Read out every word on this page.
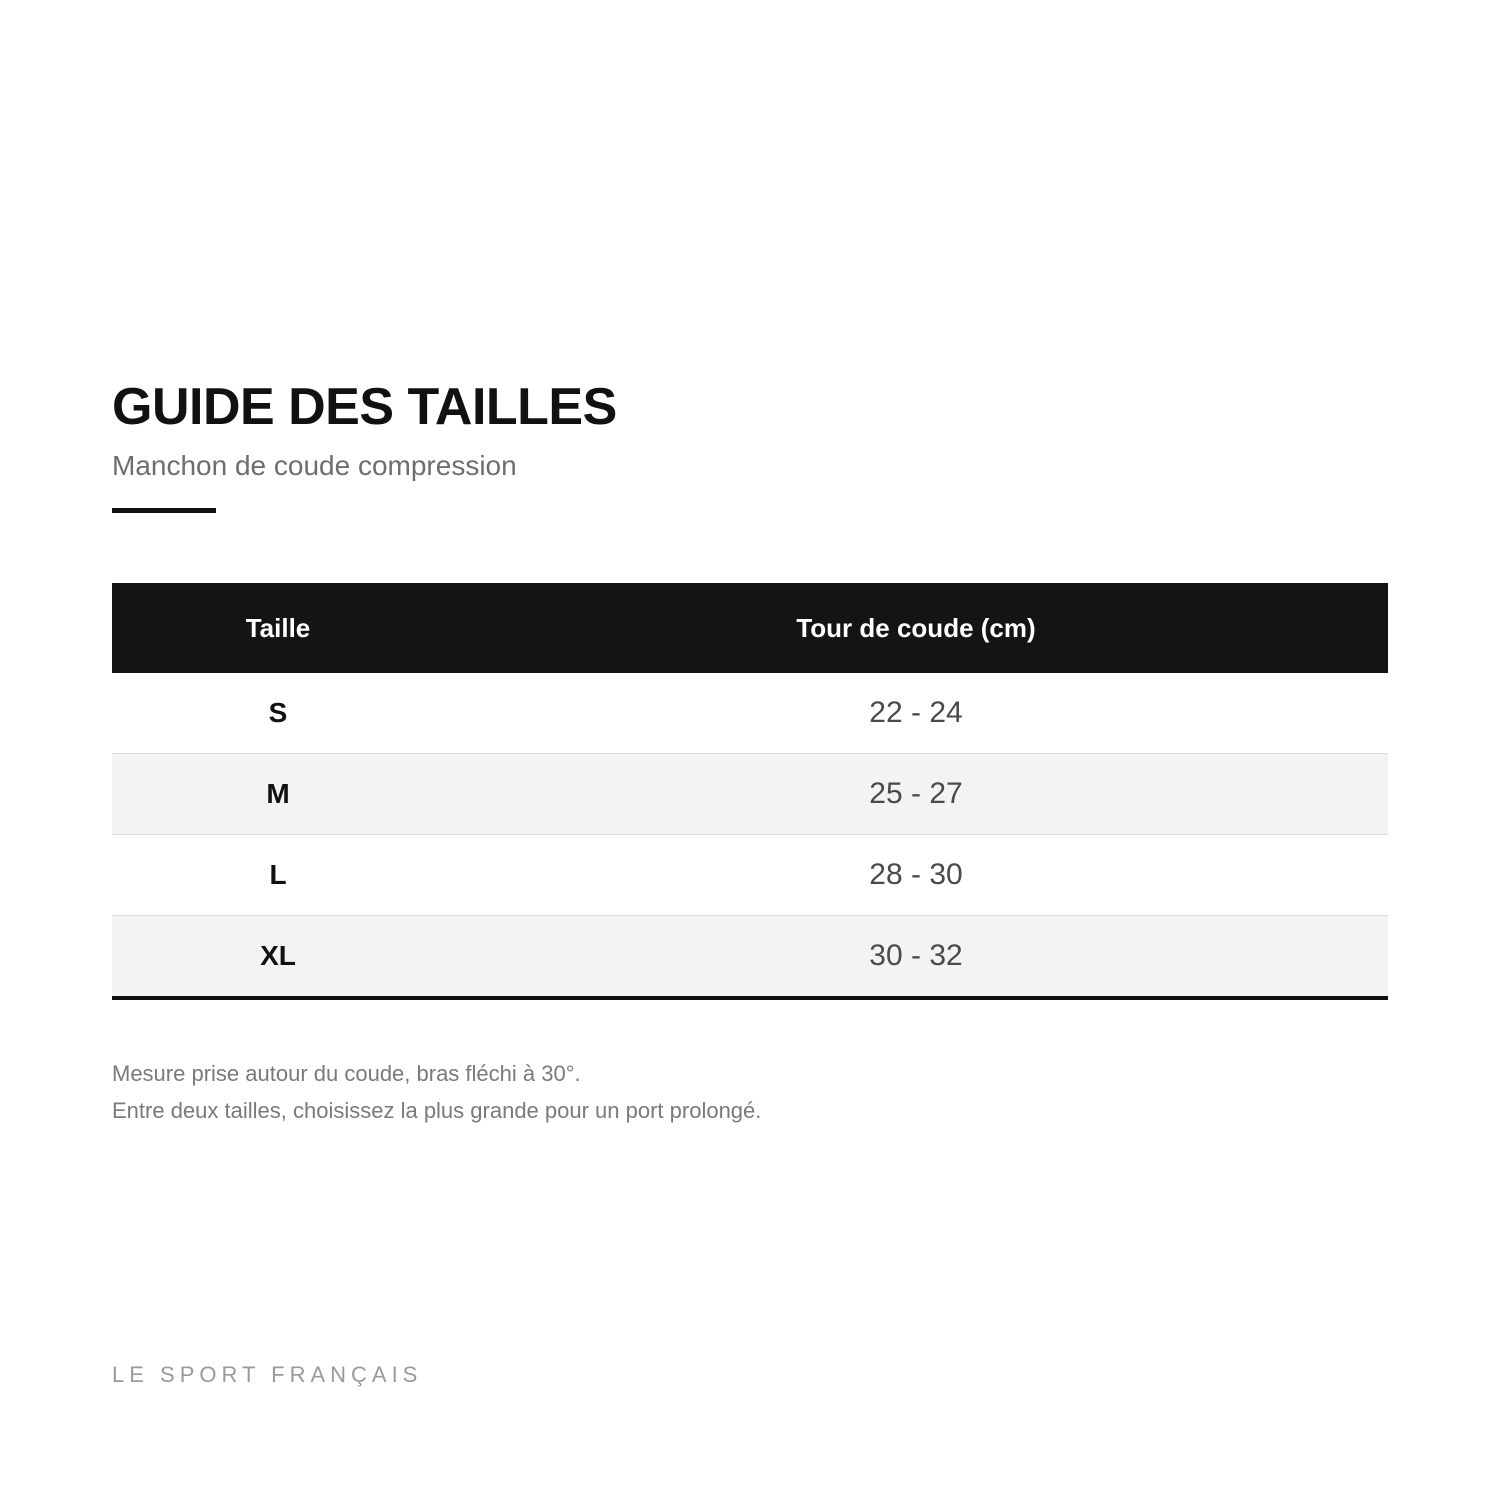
GUIDE DES TAILLES

Manchon de coude compression

Taille	Tour de coude (cm)
S	22 - 24
M	25 - 27
L	28 - 30
XL	30 - 32
Mesure prise autour du coude, bras fléchi à 30°.
Entre deux tailles, choisissez la plus grande pour un port prolongé.

LE SPORT FRANÇAIS
